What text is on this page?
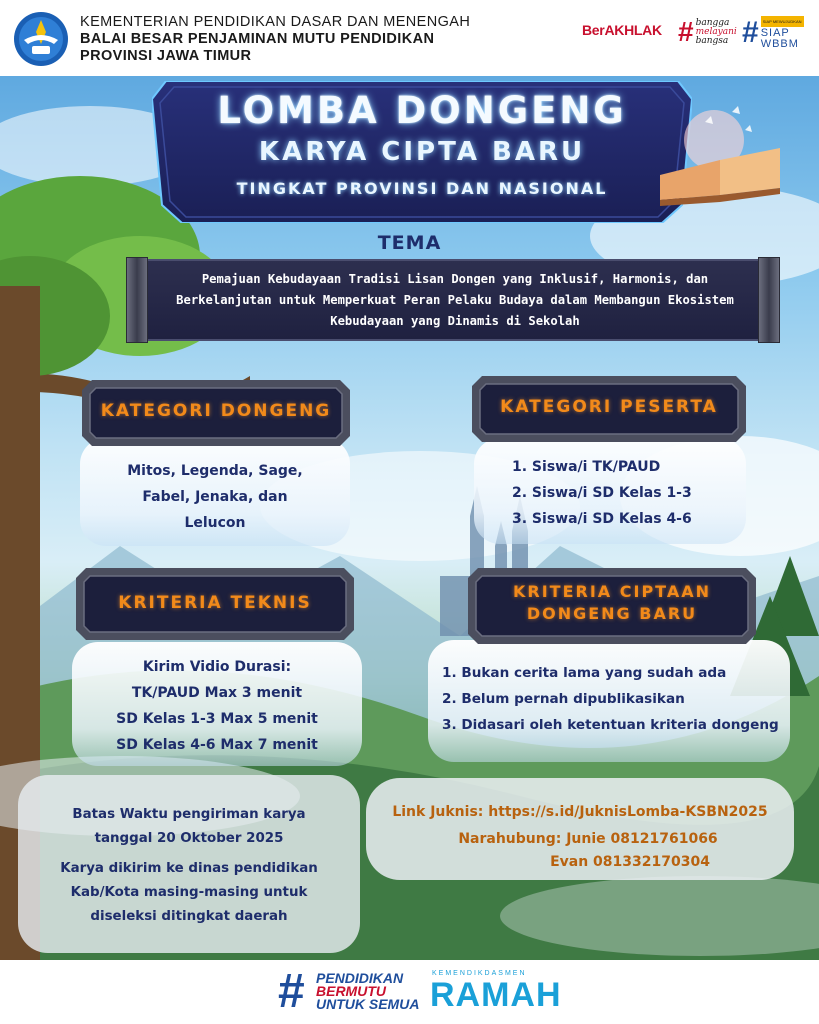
KEMENTERIAN PENDIDIKAN DASAR DAN MENENGAH
BALAI BESAR PENJAMINAN MUTU PENDIDIKAN
PROVINSI JAWA TIMUR
BerAKHLAK
# bangga
melayani
bangsa #	SIAP MEWUJUDKAN
SIAP
WBBM
LOMBA DONGENG
KARYA CIPTA BARU
TINGKAT PROVINSI DAN NASIONAL
TEMA
Pemajuan Kebudayaan Tradisi Lisan Dongen yang Inklusif, Harmonis, dan Berkelanjutan untuk Memperkuat Peran Pelaku Budaya dalam Membangun Ekosistem Kebudayaan yang Dinamis di Sekolah
Mitos, Legenda, Sage,
Fabel, Jenaka, dan
Lelucon
KATEGORI DONGENG
1. Siswa/i TK/PAUD
2. Siswa/i SD Kelas 1-3
3. Siswa/i SD Kelas 4-6
KATEGORI PESERTA
Kirim Vidio Durasi:
TK/PAUD Max 3 menit
SD Kelas 1-3 Max 5 menit
SD Kelas 4-6 Max 7 menit
KRITERIA TEKNIS
1. Bukan cerita lama yang sudah ada
2. Belum pernah dipublikasikan
3. Didasari oleh ketentuan kriteria dongeng
KRITERIA CIPTAAN
DONGENG BARU
Batas Waktu pengiriman karya
tanggal 20 Oktober 2025
Karya dikirim ke dinas pendidikan
Kab/Kota masing-masing untuk
diseleksi ditingkat daerah
Link Juknis: https://s.id/JuknisLomba-KSBN2025
Narahubung: Junie 08121761066
Evan 081332170304
# PENDIDIKAN
BERMUTU
UNTUK SEMUA
KEMENDIKDASMEN
RAMAH
